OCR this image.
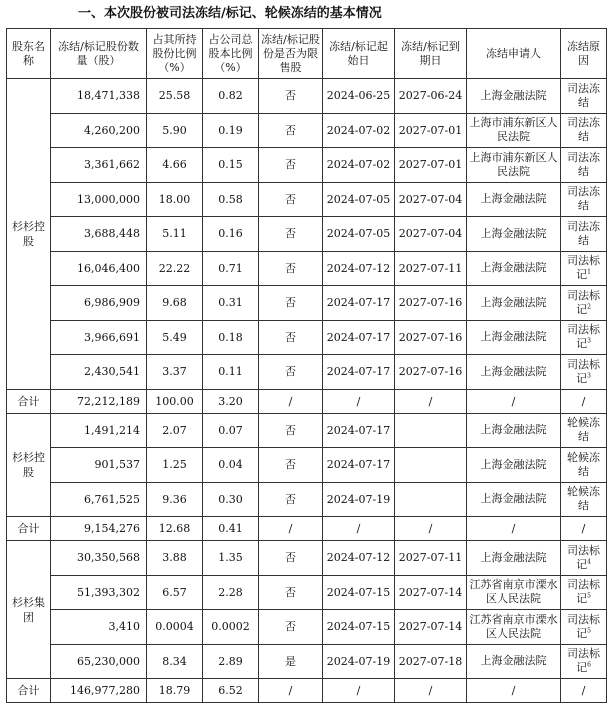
一、本次股份被司法冻结/标记、轮候冻结的基本情况
股东名称	冻结/标记股份数量（股）	占其所持股份比例（%）	占公司总股本比例（%）	冻结/标记股份是否为限售股	冻结/标记起始日	冻结/标记到期日	冻结申请人	冻结原因
杉杉控股	18,471,338	25.58	0.82	否	2024-06-25	2027-06-24	上海金融法院	司法冻结
	4,260,200	5.90	0.19	否	2024-07-02	2027-07-01	上海市浦东新区人民法院	司法冻结
	3,361,662	4.66	0.15	否	2024-07-02	2027-07-01	上海市浦东新区人民法院	司法冻结
	13,000,000	18.00	0.58	否	2024-07-05	2027-07-04	上海金融法院	司法冻结
	3,688,448	5.11	0.16	否	2024-07-05	2027-07-04	上海金融法院	司法冻结
	16,046,400	22.22	0.71	否	2024-07-12	2027-07-11	上海金融法院	司法标记$^1$
	6,986,909	9.68	0.31	否	2024-07-17	2027-07-16	上海金融法院	司法标记$^2$
	3,966,691	5.49	0.18	否	2024-07-17	2027-07-16	上海金融法院	司法标记$^3$
	2,430,541	3.37	0.11	否	2024-07-17	2027-07-16	上海金融法院	司法标记$^3$
合计	72,212,189	100.00	3.20	/	/	/	/	/
杉杉控股	1,491,214	2.07	0.07	否	2024-07-17		上海金融法院	轮候冻结
	901,537	1.25	0.04	否	2024-07-17		上海金融法院	轮候冻结
	6,761,525	9.36	0.30	否	2024-07-19		上海金融法院	轮候冻结
合计	9,154,276	12.68	0.41	/	/	/	/	/
杉杉集团	30,350,568	3.88	1.35	否	2024-07-12	2027-07-11	上海金融法院	司法标记$^4$
	51,393,302	6.57	2.28	否	2024-07-15	2027-07-14	江苏省南京市溧水区人民法院	司法标记$^5$
	3,410	0.0004	0.0002	否	2024-07-15	2027-07-14	江苏省南京市溧水区人民法院	司法标记$^5$
	65,230,000	8.34	2.89	是	2024-07-19	2027-07-18	上海金融法院	司法标记$^6$
合计	146,977,280	18.79	6.52	/	/	/	/	/
